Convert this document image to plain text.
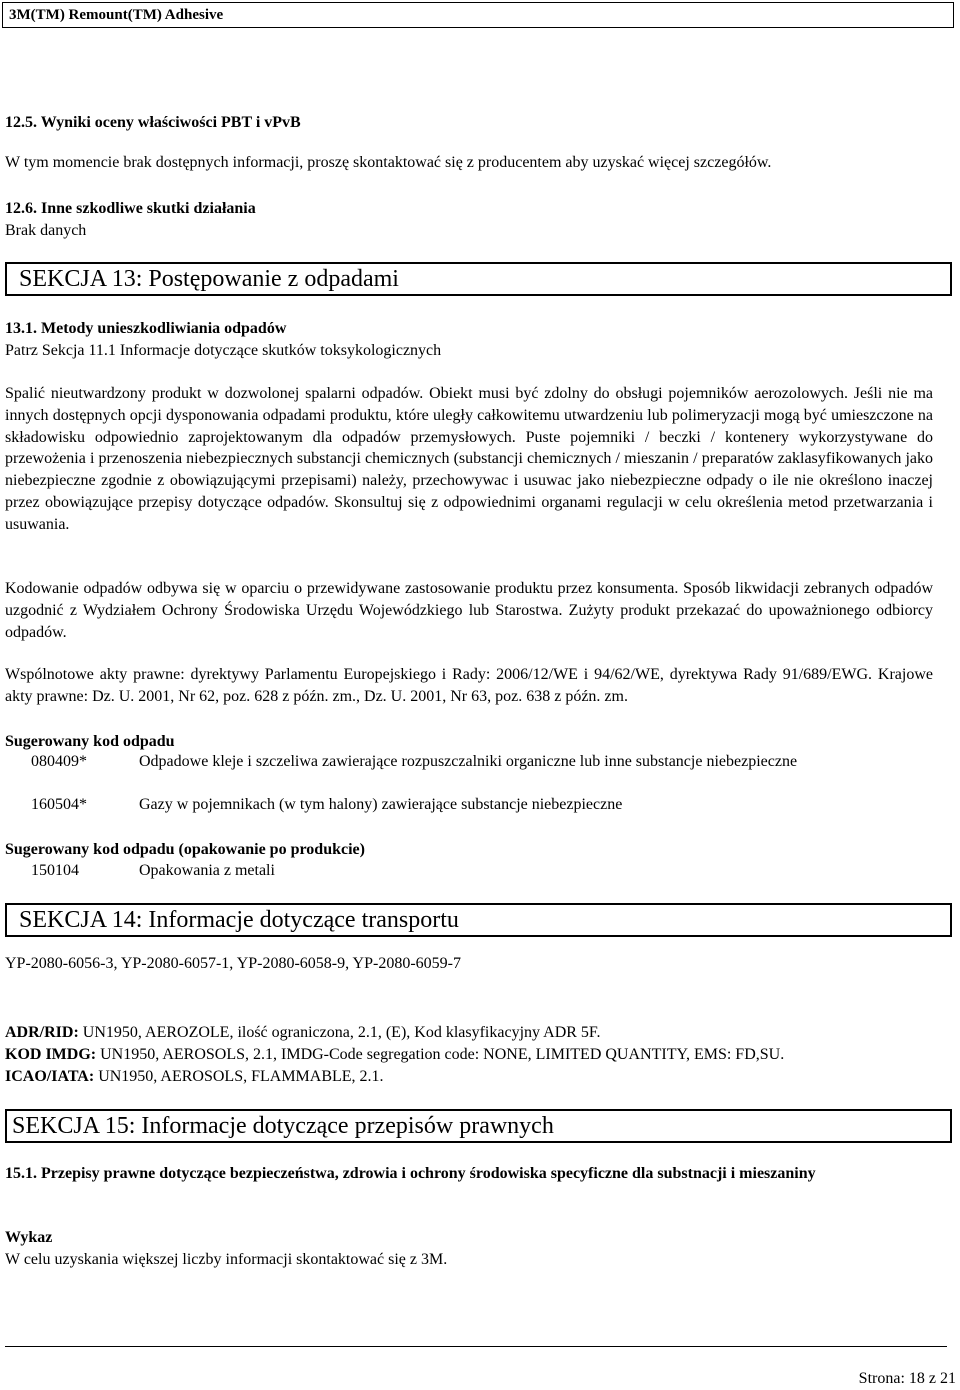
3M(TM) Remount(TM) Adhesive
12.5. Wyniki oceny właściwości PBT i vPvB
W tym momencie brak dostępnych informacji, proszę skontaktować się z producentem aby uzyskać więcej szczegółów.
12.6. Inne szkodliwe skutki działania
Brak danych
SEKCJA 13: Postępowanie z odpadami
13.1. Metody unieszkodliwiania odpadów
Patrz Sekcja 11.1 Informacje dotyczące skutków toksykologicznych
Spalić nieutwardzony produkt w dozwolonej spalarni odpadów. Obiekt musi być zdolny do obsługi pojemników aerozolowych. Jeśli nie ma innych dostępnych opcji dysponowania odpadami produktu, które uległy całkowitemu utwardzeniu lub polimeryzacji mogą być umieszczone na składowisku odpowiednio zaprojektowanym dla odpadów przemysłowych. Puste pojemniki / beczki / kontenery wykorzystywane do przewożenia i przenoszenia niebezpiecznych substancji chemicznych (substancji chemicznych / mieszanin / preparatów zaklasyfikowanych jako niebezpieczne zgodnie z obowiązującymi przepisami) należy, przechowywac i usuwac jako niebezpieczne odpady o ile nie określono inaczej przez obowiązujące przepisy dotyczące odpadów. Skonsultuj się z odpowiednimi organami regulacji w celu określenia metod przetwarzania i usuwania.
Kodowanie odpadów odbywa się w oparciu o przewidywane zastosowanie produktu przez konsumenta. Sposób likwidacji zebranych odpadów uzgodnić z Wydziałem Ochrony Środowiska Urzędu Wojewódzkiego lub Starostwa. Zużyty produkt przekazać do upoważnionego odbiorcy odpadów.
Wspólnotowe akty prawne: dyrektywy Parlamentu Europejskiego i Rady: 2006/12/WE i 94/62/WE, dyrektywa Rady 91/689/EWG. Krajowe akty prawne: Dz. U. 2001, Nr 62, poz. 628 z późn. zm., Dz. U. 2001, Nr 63, poz. 638 z późn. zm.
Sugerowany kod odpadu
080409*	Odpadowe kleje i szczeliwa zawierające rozpuszczalniki organiczne lub inne substancje niebezpieczne
160504*	Gazy w pojemnikach (w tym halony) zawierające substancje niebezpieczne
Sugerowany kod odpadu (opakowanie po produkcie)
150104	Opakowania z metali
SEKCJA 14: Informacje dotyczące transportu
YP-2080-6056-3, YP-2080-6057-1, YP-2080-6058-9, YP-2080-6059-7
ADR/RID: UN1950, AEROZOLE, ilość ograniczona, 2.1, (E), Kod klasyfikacyjny ADR 5F.
KOD IMDG: UN1950, AEROSOLS, 2.1, IMDG-Code segregation code: NONE, LIMITED QUANTITY, EMS: FD,SU.
ICAO/IATA: UN1950, AEROSOLS, FLAMMABLE, 2.1.
SEKCJA 15: Informacje dotyczące przepisów prawnych
15.1. Przepisy prawne dotyczące bezpieczeństwa, zdrowia i ochrony środowiska specyficzne dla substnacji i mieszaniny
Wykaz
W celu uzyskania większej liczby informacji skontaktować się z 3M.
Strona: 18 z 21
